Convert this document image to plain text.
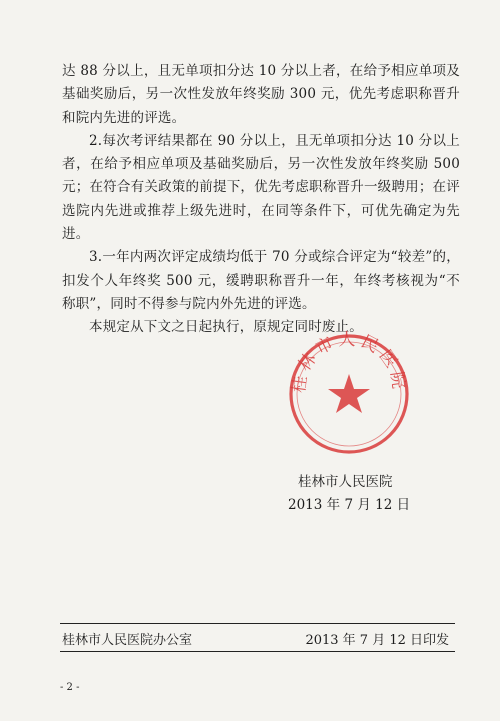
达 88 分以上，且无单项扣分达 10 分以上者，在给予相应单项及基础奖励后，另一次性发放年终奖励 300 元，优先考虑职称晋升和院内先进的评选。

2.每次考评结果都在 90 分以上，且无单项扣分达 10 分以上者，在给予相应单项及基础奖励后，另一次性发放年终奖励 500 元；在符合有关政策的前提下，优先考虑职称晋升一级聘用；在评选院内先进或推荐上级先进时，在同等条件下，可优先确定为先进。

3.一年内两次评定成绩均低于 70 分或综合评定为“较差”的，扣发个人年终奖 500 元，缓聘职称晋升一年，年终考核视为“不称职”，同时不得参与院内外先进的评选。

本规定从下文之日起执行，原规定同时废止。

桂林市人民医院
桂林市人民医院
2013 年 7 月 12 日
桂林市人民医院办公室	2013 年 7 月 12 日印发
- 2 -
